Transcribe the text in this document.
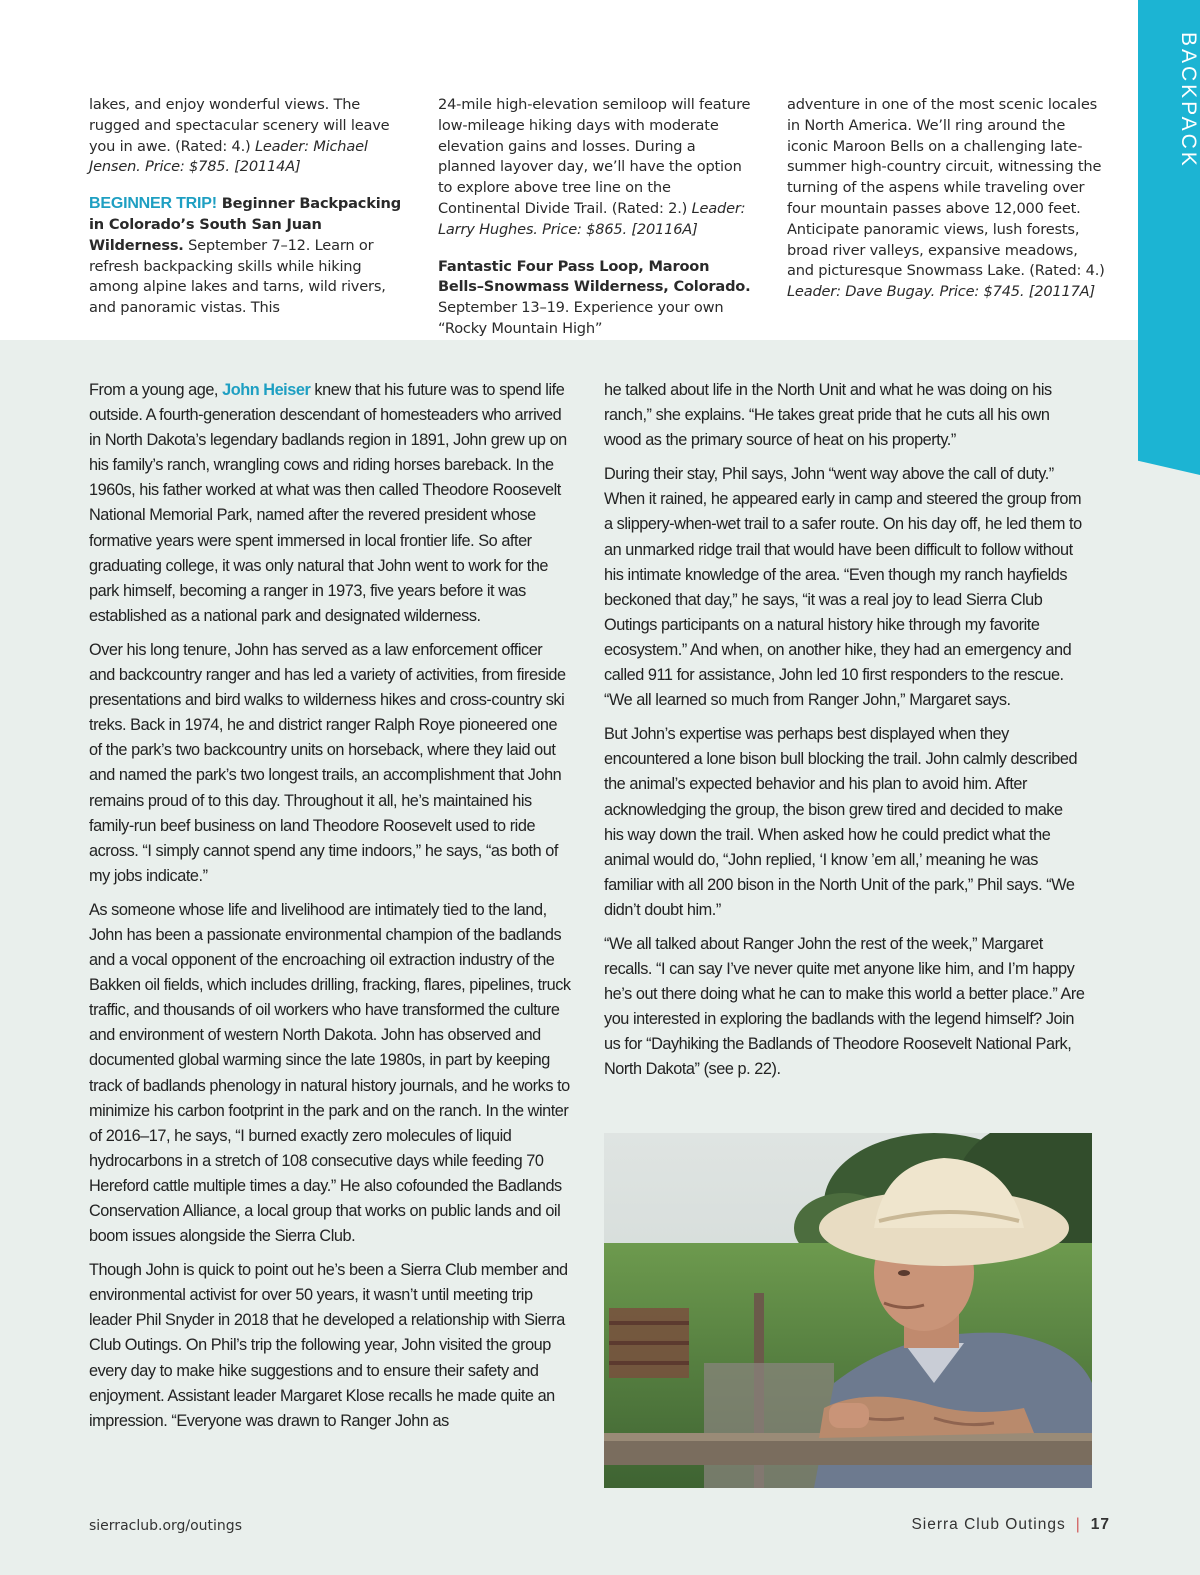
lakes, and enjoy wonderful views. The rugged and spectacular scenery will leave you in awe. (Rated: 4.) Leader: Michael Jensen. Price: $785. [20114A]

BEGINNER TRIP! Beginner Backpacking in Colorado’s South San Juan Wilderness. September 7–12. Learn or refresh backpacking skills while hiking among alpine lakes and tarns, wild rivers, and panoramic vistas. This

24-mile high-elevation semiloop will feature low-mileage hiking days with moderate elevation gains and losses. During a planned layover day, we’ll have the option to explore above tree line on the Continental Divide Trail. (Rated: 2.) Leader: Larry Hughes. Price: $865. [20116A]

Fantastic Four Pass Loop, Maroon Bells–Snowmass Wilderness, Colorado. September 13–19. Experience your own “Rocky Mountain High”

adventure in one of the most scenic locales in North America. We’ll ring around the iconic Maroon Bells on a challenging late-summer high-country circuit, witnessing the turning of the aspens while traveling over four mountain passes above 12,000 feet. Anticipate panoramic views, lush forests, broad river valleys, expansive meadows, and picturesque Snowmass Lake. (Rated: 4.) Leader: Dave Bugay. Price: $745. [20117A]

BACKPACK

From a young age, John Heiser knew that his future was to spend life outside. A fourth-generation descendant of homesteaders who arrived in North Dakota’s legendary badlands region in 1891, John grew up on his family’s ranch, wrangling cows and riding horses bareback. In the 1960s, his father worked at what was then called Theodore Roosevelt National Memorial Park, named after the revered president whose formative years were spent immersed in local frontier life. So after graduating college, it was only natural that John went to work for the park himself, becoming a ranger in 1973, five years before it was established as a national park and designated wilderness.

Over his long tenure, John has served as a law enforcement officer and backcountry ranger and has led a variety of activities, from fireside presentations and bird walks to wilderness hikes and cross-country ski treks. Back in 1974, he and district ranger Ralph Roye pioneered one of the park’s two backcountry units on horseback, where they laid out and named the park’s two longest trails, an accomplishment that John remains proud of to this day. Throughout it all, he’s maintained his family-run beef business on land Theodore Roosevelt used to ride across. “I simply cannot spend any time indoors,” he says, “as both of my jobs indicate.”

As someone whose life and livelihood are intimately tied to the land, John has been a passionate environmental champion of the badlands and a vocal opponent of the encroaching oil extraction industry of the Bakken oil fields, which includes drilling, fracking, flares, pipelines, truck traffic, and thousands of oil workers who have transformed the culture and environment of western North Dakota. John has observed and documented global warming since the late 1980s, in part by keeping track of badlands phenology in natural history journals, and he works to minimize his carbon footprint in the park and on the ranch. In the winter of 2016–17, he says, “I burned exactly zero molecules of liquid hydrocarbons in a stretch of 108 consecutive days while feeding 70 Hereford cattle multiple times a day.” He also cofounded the Badlands Conservation Alliance, a local group that works on public lands and oil boom issues alongside the Sierra Club.

Though John is quick to point out he’s been a Sierra Club member and environmental activist for over 50 years, it wasn’t until meeting trip leader Phil Snyder in 2018 that he developed a relationship with Sierra Club Outings. On Phil’s trip the following year, John visited the group every day to make hike suggestions and to ensure their safety and enjoyment. Assistant leader Margaret Klose recalls he made quite an impression. “Everyone was drawn to Ranger John as

he talked about life in the North Unit and what he was doing on his ranch,” she explains. “He takes great pride that he cuts all his own wood as the primary source of heat on his property.”

During their stay, Phil says, John “went way above the call of duty.” When it rained, he appeared early in camp and steered the group from a slippery-when-wet trail to a safer route. On his day off, he led them to an unmarked ridge trail that would have been difficult to follow without his intimate knowledge of the area. “Even though my ranch hayfields beckoned that day,” he says, “it was a real joy to lead Sierra Club Outings participants on a natural history hike through my favorite ecosystem.” And when, on another hike, they had an emergency and called 911 for assistance, John led 10 first responders to the rescue. “We all learned so much from Ranger John,” Margaret says.

But John’s expertise was perhaps best displayed when they encountered a lone bison bull blocking the trail. John calmly described the animal’s expected behavior and his plan to avoid him. After acknowledging the group, the bison grew tired and decided to make his way down the trail. When asked how he could predict what the animal would do, “John replied, ‘I know ’em all,’ meaning he was familiar with all 200 bison in the North Unit of the park,” Phil says. “We didn’t doubt him.”

“We all talked about Ranger John the rest of the week,” Margaret recalls. “I can say I’ve never quite met anyone like him, and I’m happy he’s out there doing what he can to make this world a better place.” Are you interested in exploring the badlands with the legend himself? Join us for “Dayhiking the Badlands of Theodore Roosevelt National Park, North Dakota” (see p. 22).

sierraclub.org/outings	Sierra Club Outings | 17
